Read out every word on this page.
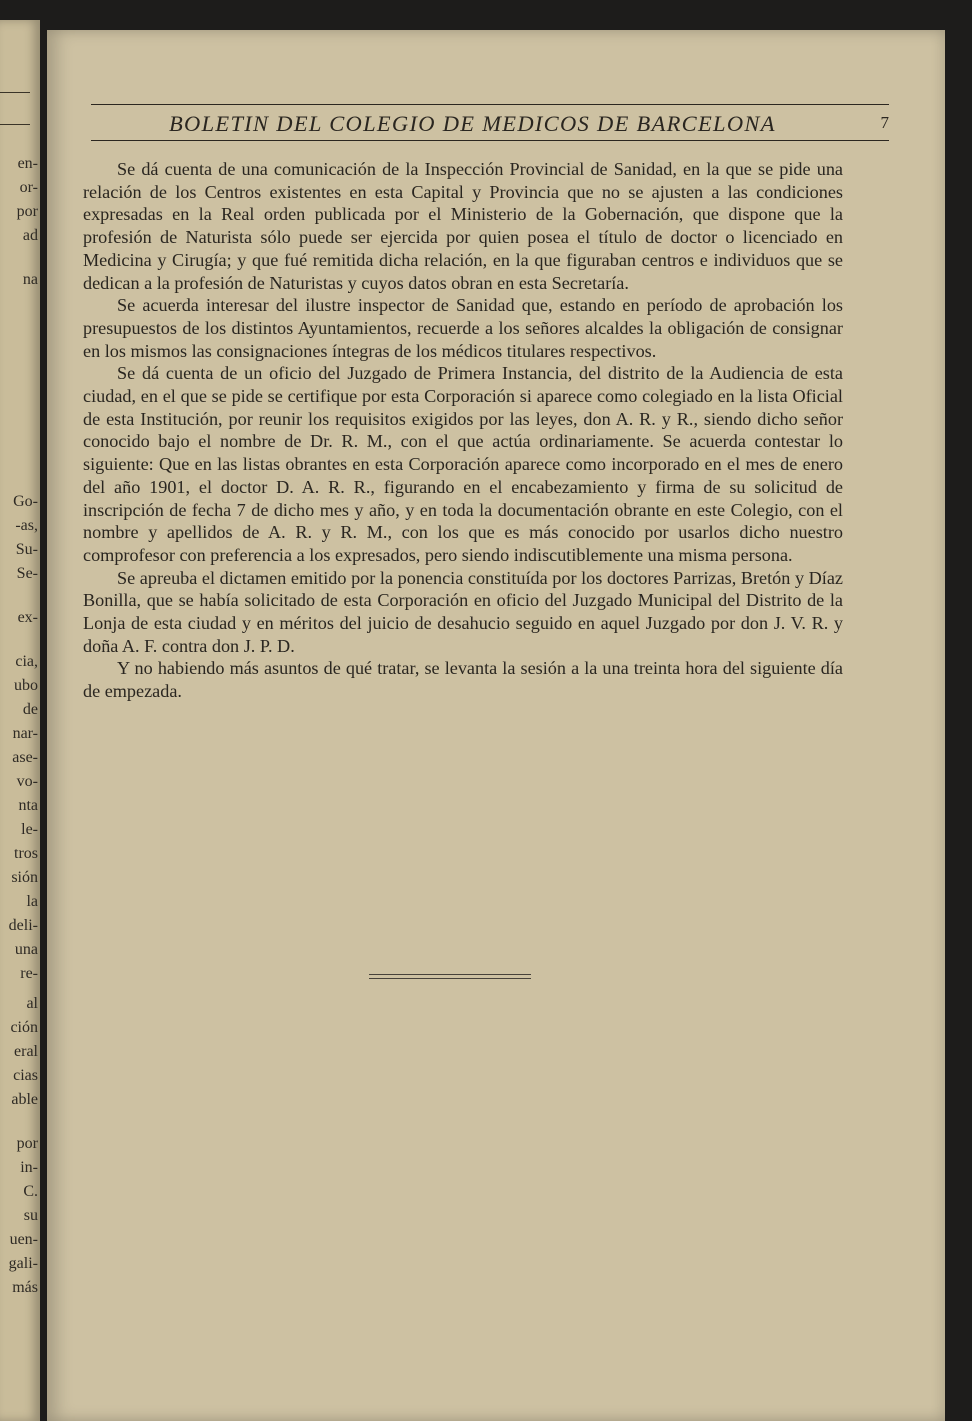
en-
or-
por
ad
na
Go-
-as,
Su-
Se-
ex-
cia,
ubo
de
nar-
ase-
vo-
nta
le-
tros
sión
la
deli-
una
re-
al
ción
eral
cias
able
por
in-
C.
su
uen-
gali-
más
BOLETIN DEL COLEGIO DE MEDICOS DE BARCELONA	7

Se dá cuenta de una comunicación de la Inspección Provincial de Sanidad, en la que se pide una relación de los Centros existentes en esta Capital y Provincia que no se ajusten a las condiciones expresadas en la Real orden publicada por el Ministerio de la Gobernación, que dispone que la profesión de Naturista sólo puede ser ejercida por quien posea el título de doctor o licenciado en Medicina y Cirugía; y que fué remitida dicha relación, en la que figuraban centros e individuos que se dedican a la profesión de Naturistas y cuyos datos obran en esta Secretaría.

Se acuerda interesar del ilustre inspector de Sanidad que, estando en período de aprobación los presupuestos de los distintos Ayuntamientos, recuerde a los señores alcaldes la obligación de consignar en los mismos las consignaciones íntegras de los médicos titulares respectivos.

Se dá cuenta de un oficio del Juzgado de Primera Instancia, del distrito de la Audiencia de esta ciudad, en el que se pide se certifique por esta Corporación si aparece como colegiado en la lista Oficial de esta Institución, por reunir los requisitos exigidos por las leyes, don A. R. y R., siendo dicho señor conocido bajo el nombre de Dr. R. M., con el que actúa ordinariamente. Se acuerda contestar lo siguiente: Que en las listas obrantes en esta Corporación aparece como incorporado en el mes de enero del año 1901, el doctor D. A. R. R., figurando en el encabezamiento y firma de su solicitud de inscripción de fecha 7 de dicho mes y año, y en toda la documentación obrante en este Colegio, con el nombre y apellidos de A. R. y R. M., con los que es más conocido por usarlos dicho nuestro comprofesor con preferencia a los expresados, pero siendo indiscutiblemente una misma persona.

Se apreuba el dictamen emitido por la ponencia constituída por los doctores Parrizas, Bretón y Díaz Bonilla, que se había solicitado de esta Corporación en oficio del Juzgado Municipal del Distrito de la Lonja de esta ciudad y en méritos del juicio de desahucio seguido en aquel Juzgado por don J. V. R. y doña A. F. contra don J. P. D.

Y no habiendo más asuntos de qué tratar, se levanta la sesión a la una treinta hora del siguiente día de empezada.
